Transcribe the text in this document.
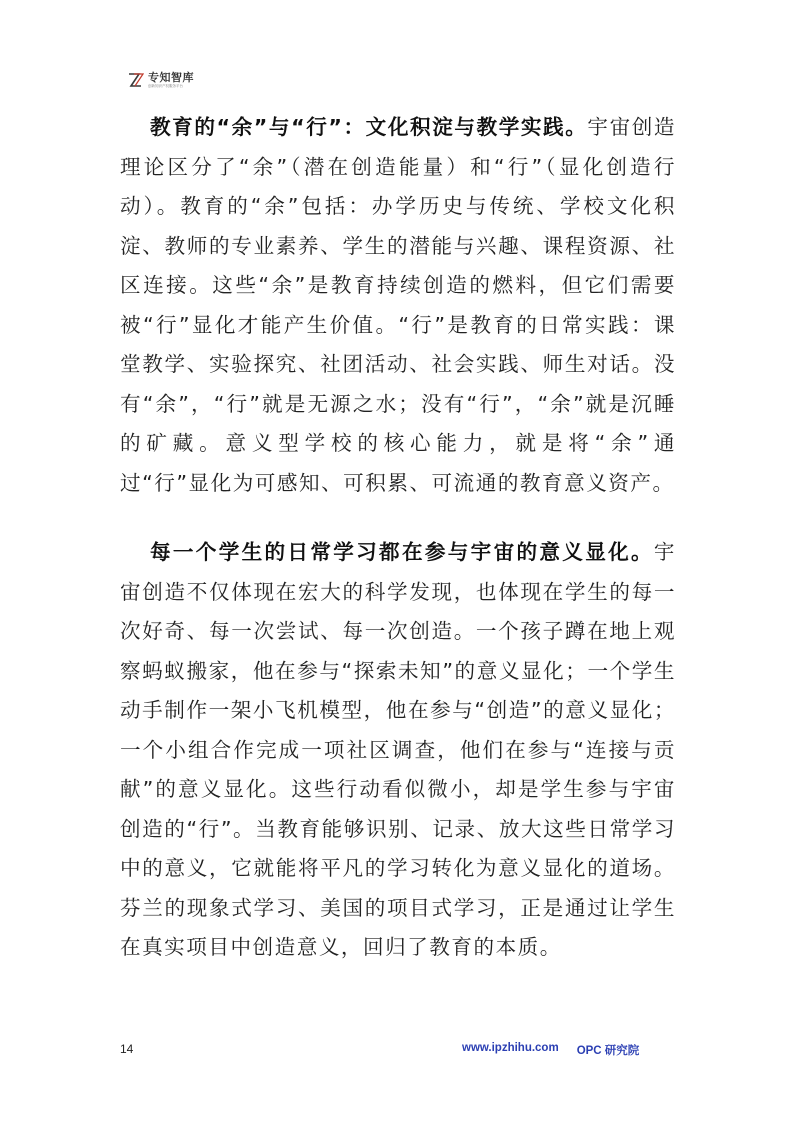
专知智库
创新知识产权服务平台

教育的“余”与“行”：文化积淀与教学实践。宇宙创造理论区分了“余”（潜在创造能量）和“行”（显化创造行动）。教育的“余”包括：办学历史与传统、学校文化积淀、教师的专业素养、学生的潜能与兴趣、课程资源、社区连接。这些“余”是教育持续创造的燃料，但它们需要被“行”显化才能产生价值。“行”是教育的日常实践：课堂教学、实验探究、社团活动、社会实践、师生对话。没有“余”，“行”就是无源之水；没有“行”，“余”就是沉睡的矿藏。意义型学校的核心能力，就是将“余”通过“行”显化为可感知、可积累、可流通的教育意义资产。

每一个学生的日常学习都在参与宇宙的意义显化。宇宙创造不仅体现在宏大的科学发现，也体现在学生的每一次好奇、每一次尝试、每一次创造。一个孩子蹲在地上观察蚂蚁搬家，他在参与“探索未知”的意义显化；一个学生动手制作一架小飞机模型，他在参与“创造”的意义显化；一个小组合作完成一项社区调查，他们在参与“连接与贡献”的意义显化。这些行动看似微小，却是学生参与宇宙创造的“行”。当教育能够识别、记录、放大这些日常学习中的意义，它就能将平凡的学习转化为意义显化的道场。芬兰的现象式学习、美国的项目式学习，正是通过让学生在真实项目中创造意义，回归了教育的本质。

14	www.ipzhihu.com OPC 研究院
